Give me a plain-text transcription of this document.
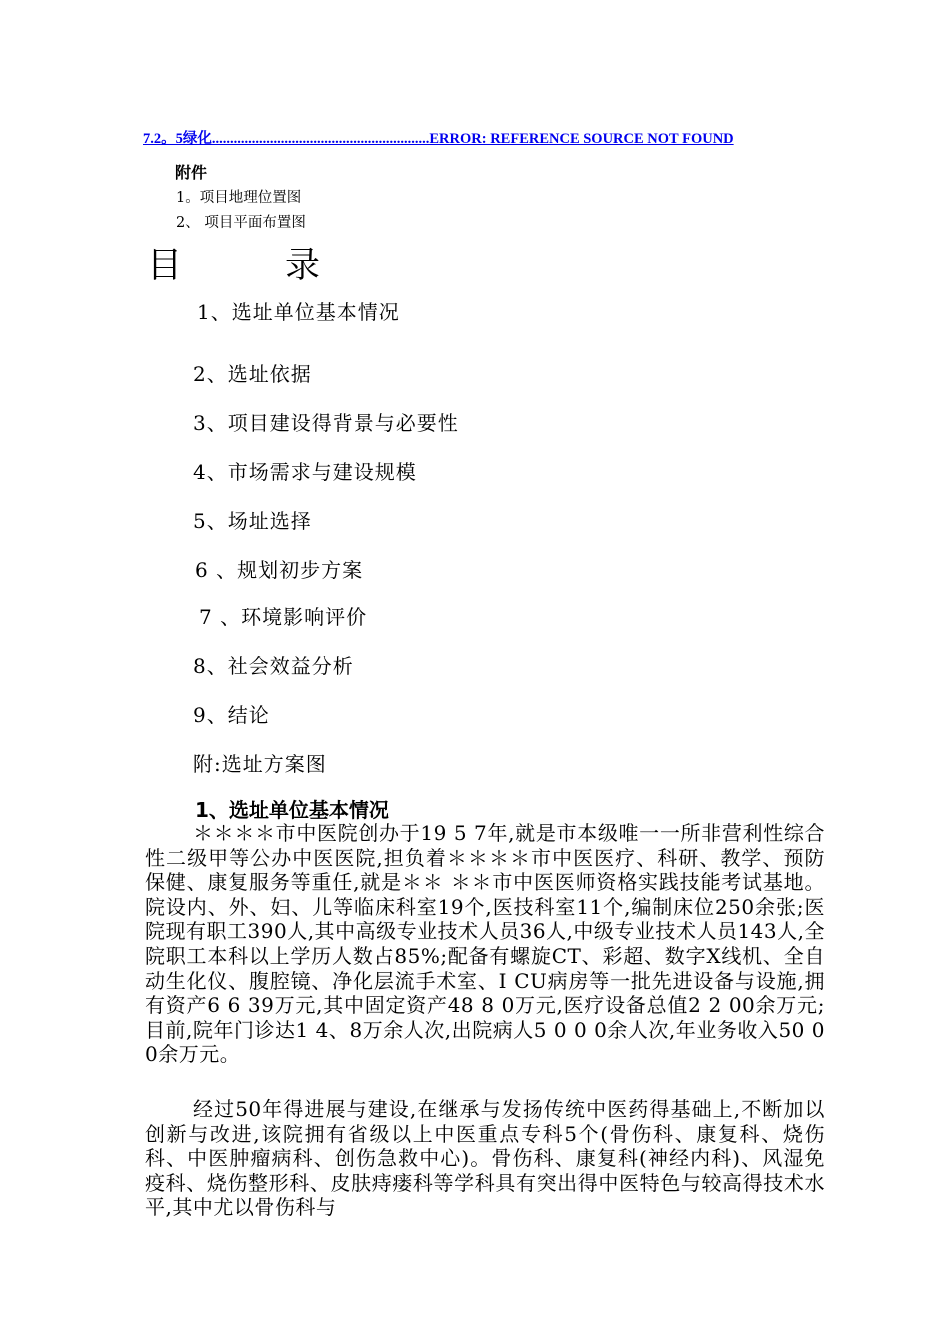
7.2。5绿化............................................................ERROR: REFERENCE SOURCE NOT FOUND
附件
1。项目地理位置图
2、 项目平面布置图
目	录
1、选址单位基本情况
2、选址依据
3、项目建设得背景与必要性
4、市场需求与建设规模
5、场址选择
6 、规划初步方案
7 、环境影响评价
8、社会效益分析
9、结论
附:选址方案图
1、选址单位基本情况

＊＊＊＊市中医院创办于19 5 7年,就是市本级唯一一所非营利性综合性二级甲等公办中医医院,担负着＊＊＊＊市中医医疗、科研、教学、预防保健、康复服务等重任,就是＊＊ ＊＊市中医医师资格实践技能考试基地。院设内、外、妇、儿等临床科室19个,医技科室11个,编制床位250余张;医院现有职工390人,其中高级专业技术人员36人,中级专业技术人员143人,全院职工本科以上学历人数占85%;配备有螺旋CT、彩超、数字X线机、全自动生化仪、腹腔镜、净化层流手术室、I CU病房等一批先进设备与设施,拥有资产6 6 39万元,其中固定资产48 8 0万元,医疗设备总值2 2 00余万元;目前,院年门诊达1 4、8万余人次,出院病人5 0 0 0余人次,年业务收入50 0 0余万元。

经过50年得进展与建设,在继承与发扬传统中医药得基础上,不断加以创新与改进,该院拥有省级以上中医重点专科5个(骨伤科、康复科、烧伤科、中医肿瘤病科、创伤急救中心)。骨伤科、康复科(神经内科)、风湿免疫科、烧伤整形科、皮肤痔瘘科等学科具有突出得中医特色与较高得技术水平,其中尤以骨伤科与
